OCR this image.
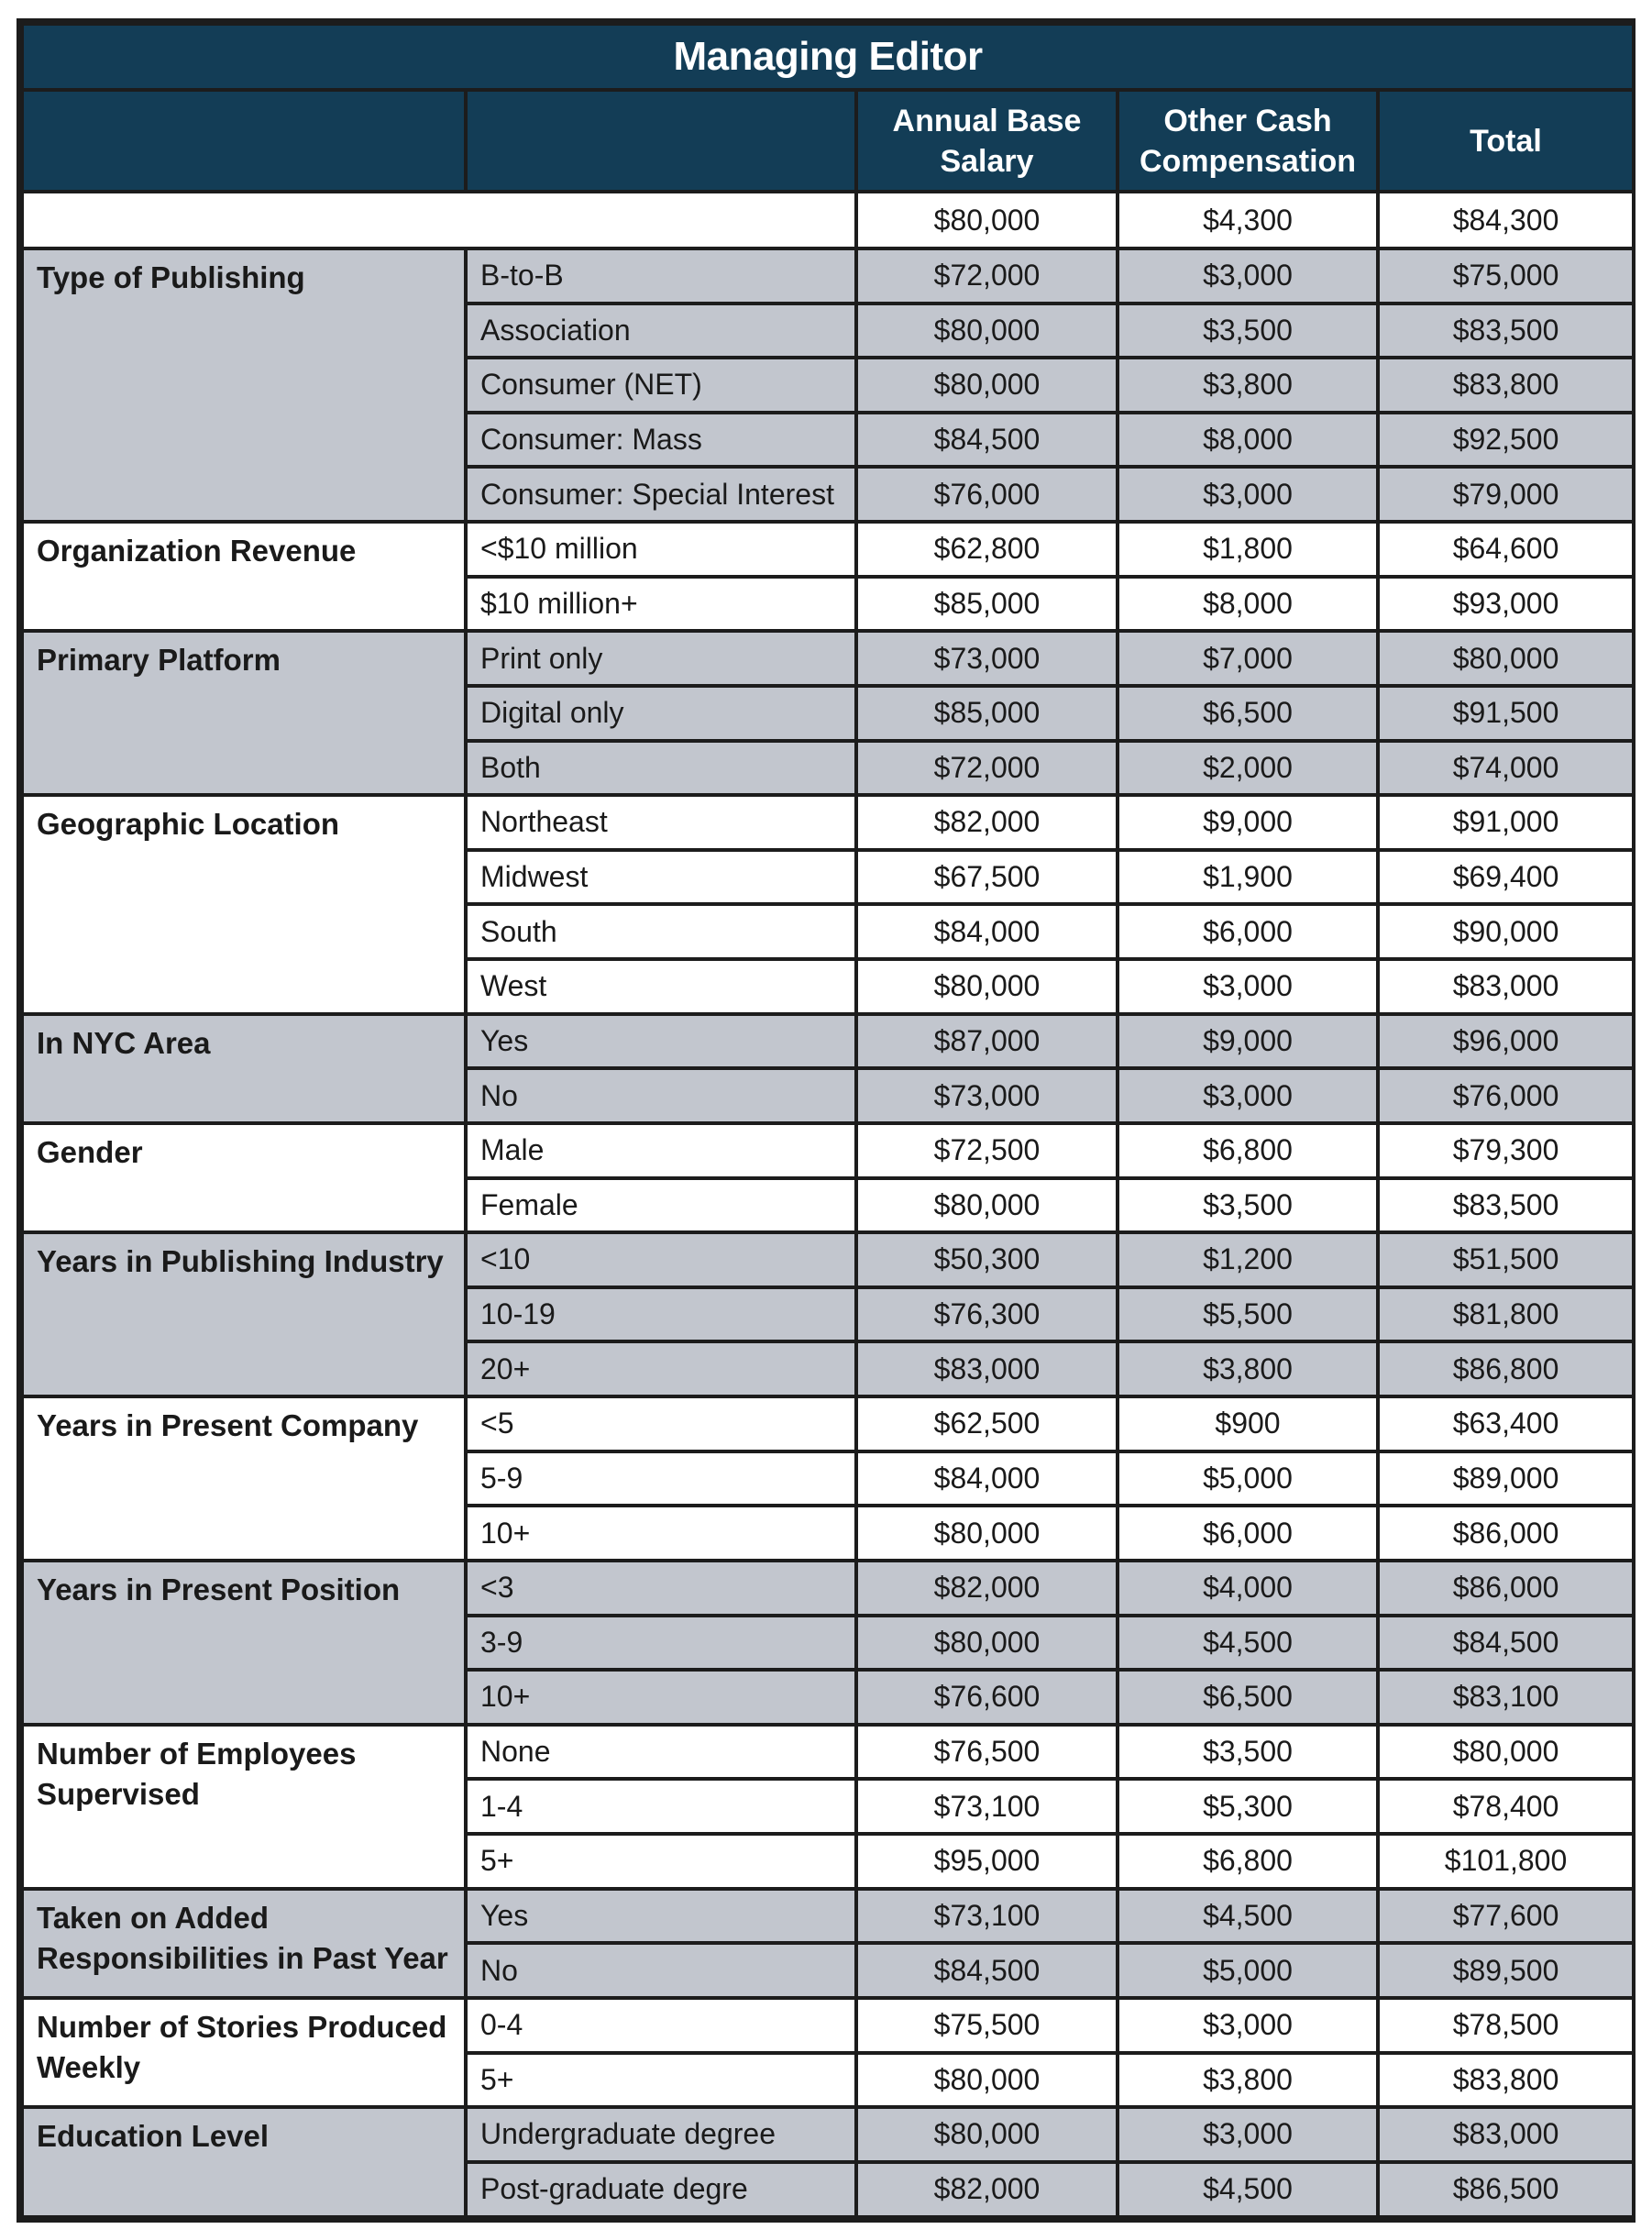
Managing Editor				
		Annual Base Salary	Other Cash Compensation	Total
		$80,000	$4,300	$84,300
Type of Publishing	B-to-B	$72,000	$3,000	$75,000
	Association	$80,000	$3,500	$83,500
	Consumer (NET)	$80,000	$3,800	$83,800
	Consumer: Mass	$84,500	$8,000	$92,500
	Consumer: Special Interest	$76,000	$3,000	$79,000
Organization Revenue	<$10 million	$62,800	$1,800	$64,600
	$10 million+	$85,000	$8,000	$93,000
Primary Platform	Print only	$73,000	$7,000	$80,000
	Digital only	$85,000	$6,500	$91,500
	Both	$72,000	$2,000	$74,000
Geographic Location	Northeast	$82,000	$9,000	$91,000
	Midwest	$67,500	$1,900	$69,400
	South	$84,000	$6,000	$90,000
	West	$80,000	$3,000	$83,000
In NYC Area	Yes	$87,000	$9,000	$96,000
	No	$73,000	$3,000	$76,000
Gender	Male	$72,500	$6,800	$79,300
	Female	$80,000	$3,500	$83,500
Years in Publishing Industry	<10	$50,300	$1,200	$51,500
	10-19	$76,300	$5,500	$81,800
	20+	$83,000	$3,800	$86,800
Years in Present Company	<5	$62,500	$900	$63,400
	5-9	$84,000	$5,000	$89,000
	10+	$80,000	$6,000	$86,000
Years in Present Position	<3	$82,000	$4,000	$86,000
	3-9	$80,000	$4,500	$84,500
	10+	$76,600	$6,500	$83,100
Number of Employees Supervised	None	$76,500	$3,500	$80,000
	1-4	$73,100	$5,300	$78,400
	5+	$95,000	$6,800	$101,800
Taken on Added Responsibilities in Past Year	Yes	$73,100	$4,500	$77,600
	No	$84,500	$5,000	$89,500
Number of Stories Produced Weekly	0-4	$75,500	$3,000	$78,500
	5+	$80,000	$3,800	$83,800
Education Level	Undergraduate degree	$80,000	$3,000	$83,000
	Post-graduate degre	$82,000	$4,500	$86,500
